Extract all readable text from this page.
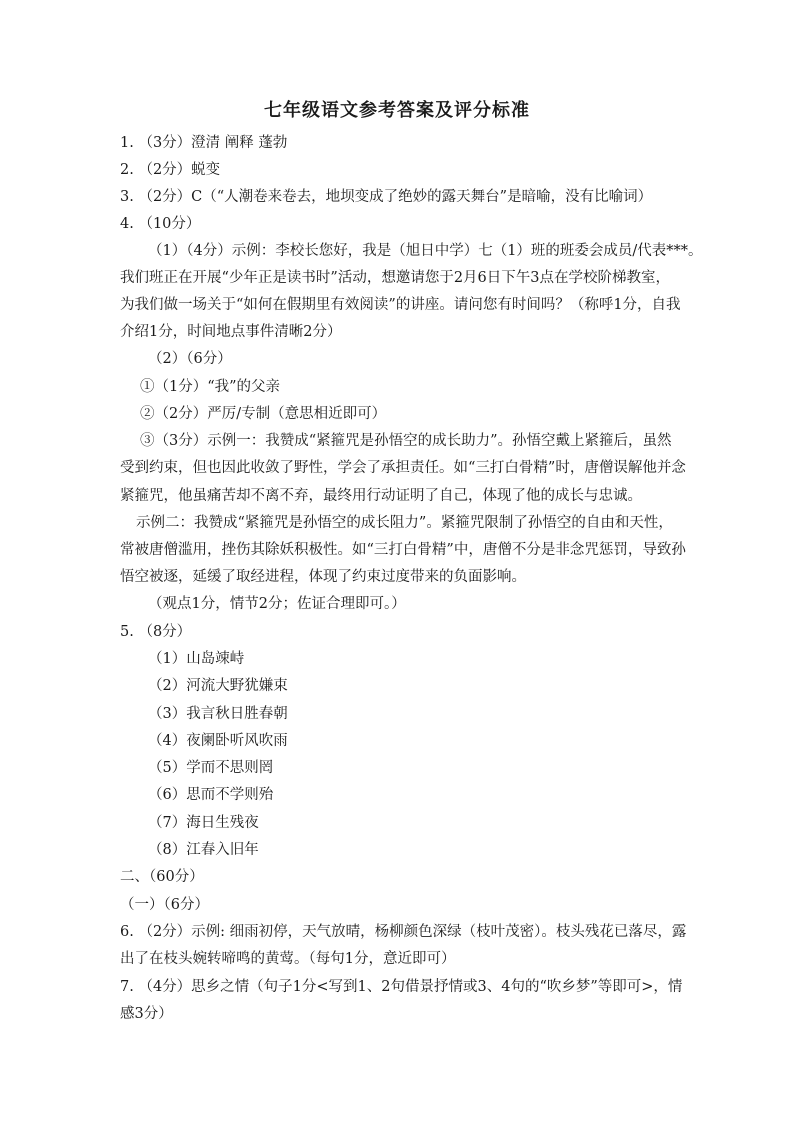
七年级语文参考答案及评分标准
1. （3分）澄清 阐释 蓬勃
2. （2分）蜕变
3. （2分）C（“人潮卷来卷去，地坝变成了绝妙的露天舞台”是暗喻，没有比喻词）
4. （10分）
（1）（4分）示例：李校长您好，我是（旭日中学）七（1）班的班委会成员/代表***。
我们班正在开展“少年正是读书时”活动，想邀请您于2月6日下午3点在学校阶梯教室，
为我们做一场关于“如何在假期里有效阅读”的讲座。请问您有时间吗？（称呼1分，自我
介绍1分，时间地点事件清晰2分）
（2）（6分）
①（1分）“我”的父亲
②（2分）严厉/专制（意思相近即可）
③（3分）示例一：我赞成“紧箍咒是孙悟空的成长助力”。孙悟空戴上紧箍后，虽然
受到约束，但也因此收敛了野性，学会了承担责任。如“三打白骨精”时，唐僧误解他并念
紧箍咒，他虽痛苦却不离不弃，最终用行动证明了自己，体现了他的成长与忠诚。
示例二：我赞成“紧箍咒是孙悟空的成长阻力”。紧箍咒限制了孙悟空的自由和天性，
常被唐僧滥用，挫伤其除妖积极性。如“三打白骨精”中，唐僧不分是非念咒惩罚，导致孙
悟空被逐，延缓了取经进程，体现了约束过度带来的负面影响。
（观点1分，情节2分；佐证合理即可。）
5. （8分）
（1）山岛竦峙
（2）河流大野犹嫌束
（3）我言秋日胜春朝
（4）夜阑卧听风吹雨
（5）学而不思则罔
（6）思而不学则殆
（7）海日生残夜
（8）江春入旧年
二、（60分）
（一）（6分）
6. （2分）示例: 细雨初停，天气放晴，杨柳颜色深绿（枝叶茂密）。枝头残花已落尽，露
出了在枝头婉转啼鸣的黄莺。（每句1分，意近即可）
7. （4分）思乡之情（句子1分<写到1、2句借景抒情或3、4句的“吹乡梦”等即可>，情
感3分）
